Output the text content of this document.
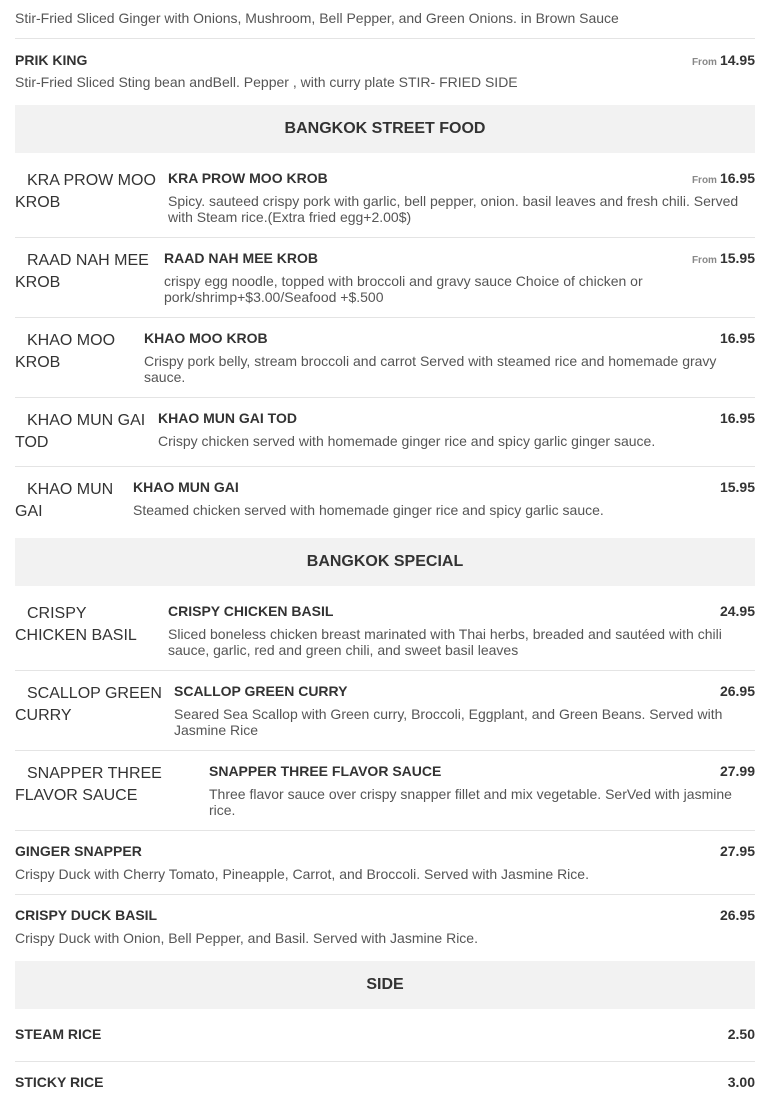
Stir-Fried Sliced Ginger with Onions, Mushroom, Bell Pepper, and Green Onions. in Brown Sauce
PRIK KING	From 14.95
Stir-Fried Sliced Sting bean andBell. Pepper , with curry plate STIR- FRIED SIDE
BANGKOK STREET FOOD
KRA PROW MOO KROB
KRA PROW MOO KROB	From 16.95
Spicy. sauteed crispy pork with garlic, bell pepper, onion. basil leaves and fresh chili. Served with Steam rice.(Extra fried egg+2.00$)
RAAD NAH MEE KROB
RAAD NAH MEE KROB	From 15.95
crispy egg noodle, topped with broccoli and gravy sauce Choice of chicken or pork/shrimp+$3.00/Seafood +$.500
KHAO MOO KROB
KHAO MOO KROB	16.95
Crispy pork belly, stream broccoli and carrot Served with steamed rice and homemade gravy sauce.
KHAO MUN GAI TOD
KHAO MUN GAI TOD	16.95
Crispy chicken served with homemade ginger rice and spicy garlic ginger sauce.
KHAO MUN GAI
KHAO MUN GAI	15.95
Steamed chicken served with homemade ginger rice and spicy garlic sauce.
BANGKOK SPECIAL
CRISPY CHICKEN BASIL
CRISPY CHICKEN BASIL	24.95
Sliced boneless chicken breast marinated with Thai herbs, breaded and sautéed with chili sauce, garlic, red and green chili, and sweet basil leaves
SCALLOP GREEN CURRY
SCALLOP GREEN CURRY	26.95
Seared Sea Scallop with Green curry, Broccoli, Eggplant, and Green Beans. Served with Jasmine Rice
SNAPPER THREE FLAVOR SAUCE
SNAPPER THREE FLAVOR SAUCE	27.99
Three flavor sauce over crispy snapper fillet and mix vegetable. SerVed with jasmine rice.
GINGER SNAPPER	27.95
Crispy Duck with Cherry Tomato, Pineapple, Carrot, and Broccoli. Served with Jasmine Rice.
CRISPY DUCK BASIL	26.95
Crispy Duck with Onion, Bell Pepper, and Basil. Served with Jasmine Rice.
SIDE
STEAM RICE	2.50
STICKY RICE	3.00
